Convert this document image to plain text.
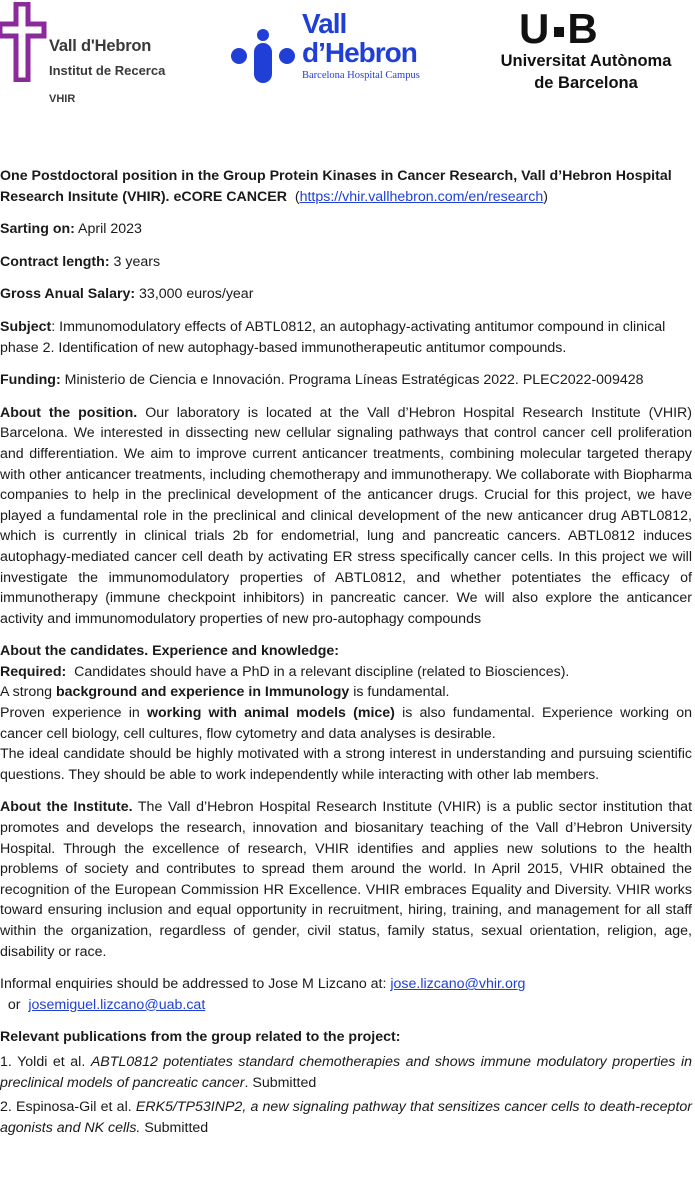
Vall d'Hebron
Institut de Recerca
VHIR
Vall
d’Hebron
Barcelona Hospital Campus
U B
Universitat Autònoma
de Barcelona

One Postdoctoral position in the Group Protein Kinases in Cancer Research, Vall d’Hebron Hospital Research Insitute (VHIR). eCORE CANCER (https://vhir.vallhebron.com/en/research)

Sarting on: April 2023

Contract length: 3 years

Gross Anual Salary: 33,000 euros/year

Subject: Immunomodulatory effects of ABTL0812, an autophagy-activating antitumor compound in clinical phase 2. Identification of new autophagy-based immunotherapeutic antitumor compounds.

Funding: Ministerio de Ciencia e Innovación. Programa Líneas Estratégicas 2022. PLEC2022-009428

About the position. Our laboratory is located at the Vall d’Hebron Hospital Research Institute (VHIR) Barcelona. We interested in dissecting new cellular signaling pathways that control cancer cell proliferation and differentiation. We aim to improve current anticancer treatments, combining molecular targeted therapy with other anticancer treatments, including chemotherapy and immunotherapy. We collaborate with Biopharma companies to help in the preclinical development of the anticancer drugs. Crucial for this project, we have played a fundamental role in the preclinical and clinical development of the new anticancer drug ABTL0812, which is currently in clinical trials 2b for endometrial, lung and pancreatic cancers. ABTL0812 induces autophagy-mediated cancer cell death by activating ER stress specifically cancer cells. In this project we will investigate the immunomodulatory properties of ABTL0812, and whether potentiates the efficacy of immunotherapy (immune checkpoint inhibitors) in pancreatic cancer. We will also explore the anticancer activity and immunomodulatory properties of new pro-autophagy compounds

About the candidates. Experience and knowledge:
Required: Candidates should have a PhD in a relevant discipline (related to Biosciences).
A strong background and experience in Immunology is fundamental.
Proven experience in working with animal models (mice) is also fundamental. Experience working on cancer cell biology, cell cultures, flow cytometry and data analyses is desirable.
The ideal candidate should be highly motivated with a strong interest in understanding and pursuing scientific questions. They should be able to work independently while interacting with other lab members.

About the Institute. The Vall d’Hebron Hospital Research Institute (VHIR) is a public sector institution that promotes and develops the research, innovation and biosanitary teaching of the Vall d’Hebron University Hospital. Through the excellence of research, VHIR identifies and applies new solutions to the health problems of society and contributes to spread them around the world. In April 2015, VHIR obtained the recognition of the European Commission HR Excellence. VHIR embraces Equality and Diversity. VHIR works toward ensuring inclusion and equal opportunity in recruitment, hiring, training, and management for all staff within the organization, regardless of gender, civil status, family status, sexual orientation, religion, age, disability or race.

Informal enquiries should be addressed to Jose M Lizcano at: jose.lizcano@vhir.org  or  josemiguel.lizcano@uab.cat

Relevant publications from the group related to the project:
1. Yoldi et al. ABTL0812 potentiates standard chemotherapies and shows immune modulatory properties in preclinical models of pancreatic cancer. Submitted
2. Espinosa-Gil et al. ERK5/TP53INP2, a new signaling pathway that sensitizes cancer cells to death-receptor agonists and NK cells. Submitted
